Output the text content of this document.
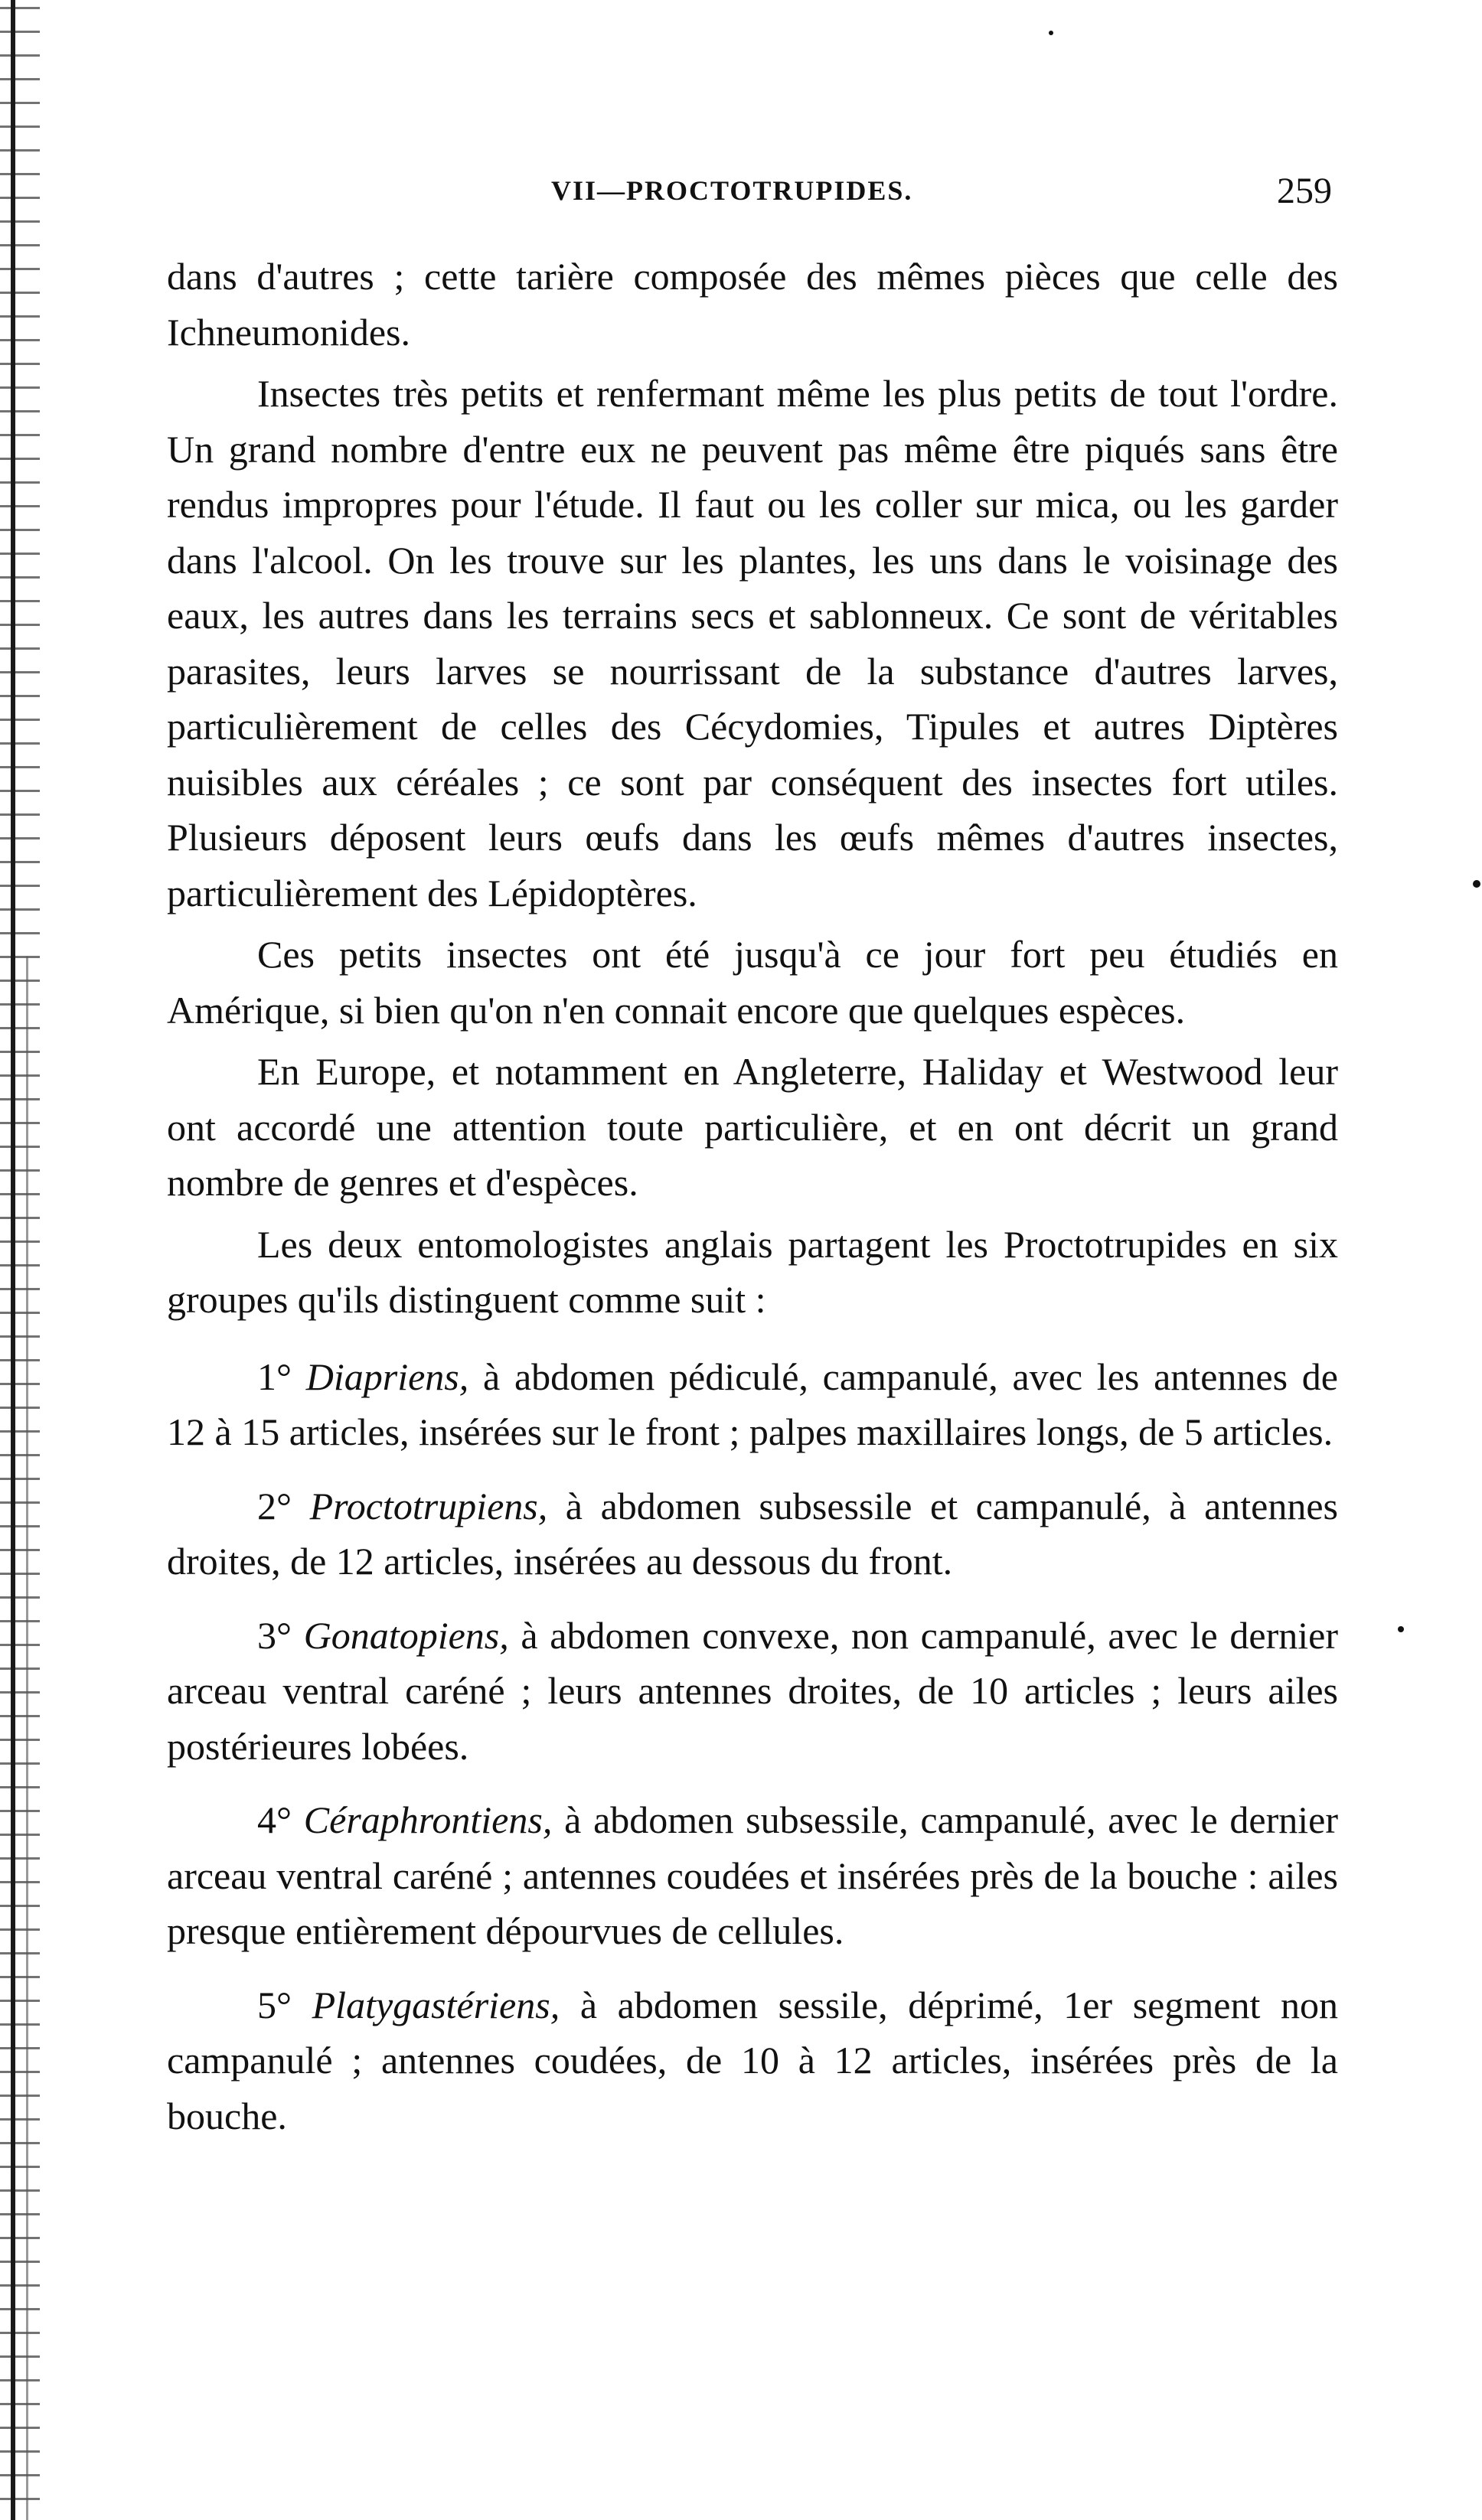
VII—PROCTOTRUPIDES.	259

dans d'autres ; cette tarière composée des mêmes pièces que celle des Ichneumonides.

Insectes très petits et renfermant même les plus petits de tout l'ordre. Un grand nombre d'entre eux ne peuvent pas même être piqués sans être rendus impropres pour l'étude. Il faut ou les coller sur mica, ou les garder dans l'alcool. On les trouve sur les plantes, les uns dans le voisinage des eaux, les autres dans les terrains secs et sablonneux. Ce sont de véritables parasites, leurs larves se nourrissant de la substance d'autres larves, particulièrement de celles des Cécydomies, Tipules et autres Diptères nuisibles aux céréales ; ce sont par conséquent des insectes fort utiles. Plusieurs déposent leurs œufs dans les œufs mêmes d'autres insectes, particulièrement des Lépidoptères.

Ces petits insectes ont été jusqu'à ce jour fort peu étudiés en Amérique, si bien qu'on n'en connait encore que quelques espèces.

En Europe, et notamment en Angleterre, Haliday et Westwood leur ont accordé une attention toute particulière, et en ont décrit un grand nombre de genres et d'espèces.

Les deux entomologistes anglais partagent les Proctotrupides en six groupes qu'ils distinguent comme suit :

1° Diapriens, à abdomen pédiculé, campanulé, avec les antennes de 12 à 15 articles, insérées sur le front ; palpes maxillaires longs, de 5 articles.

2° Proctotrupiens, à abdomen subsessile et campanulé, à antennes droites, de 12 articles, insérées au dessous du front.

3° Gonatopiens, à abdomen convexe, non campanulé, avec le dernier arceau ventral caréné ; leurs antennes droites, de 10 articles ; leurs ailes postérieures lobées.

4° Céraphrontiens, à abdomen subsessile, campanulé, avec le dernier arceau ventral caréné ; antennes coudées et insérées près de la bouche : ailes presque entièrement dépourvues de cellules.

5° Platygastériens, à abdomen sessile, déprimé, 1er segment non campanulé ; antennes coudées, de 10 à 12 articles, insérées près de la bouche.
